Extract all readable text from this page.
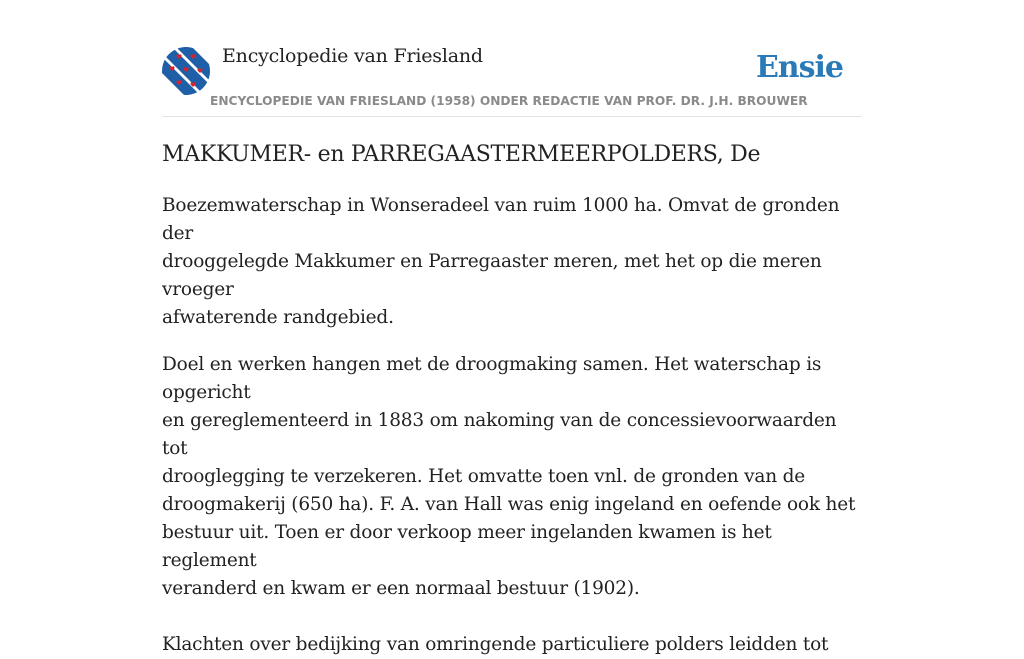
Encyclopedie van Friesland	Ensie
ENCYCLOPEDIE VAN FRIESLAND (1958) ONDER REDACTIE VAN PROF. DR. J.H. BROUWER
MAKKUMER- en PARREGAASTERMEERPOLDERS, De

Boezemwaterschap in Wonseradeel van ruim 1000 ha. Omvat de gronden der
drooggelegde Makkumer en Parregaaster meren, met het op die meren vroeger
afwaterende randgebied.

Doel en werken hangen met de droogmaking samen. Het waterschap is opgericht
en gereglementeerd in 1883 om nakoming van de concessievoorwaarden tot
drooglegging te verzekeren. Het omvatte toen vnl. de gronden van de
droogmakerij (650 ha). F. A. van Hall was enig ingeland en oefende ook het
bestuur uit. Toen er door verkoop meer ingelanden kwamen is het reglement
veranderd en kwam er een normaal bestuur (1902).

Klachten over bedijking van omringende particuliere polders leidden tot
